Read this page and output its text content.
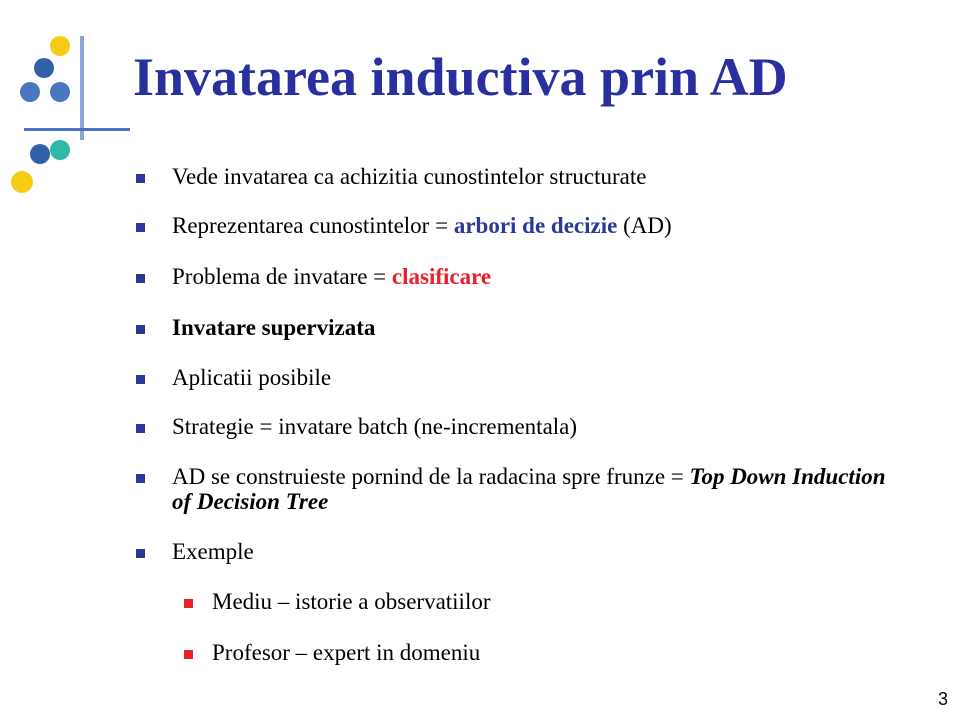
Invatarea inductiva prin AD
Vede invatarea ca achizitia cunostintelor structurate
Reprezentarea cunostintelor = arbori de decizie (AD)
Problema de invatare = clasificare
Invatare supervizata
Aplicatii posibile
Strategie = invatare batch (ne-incrementala)
AD se construieste pornind de la radacina spre frunze = Top Down Induction of Decision Tree
Exemple
Mediu – istorie a observatiilor
Profesor – expert in domeniu
3
